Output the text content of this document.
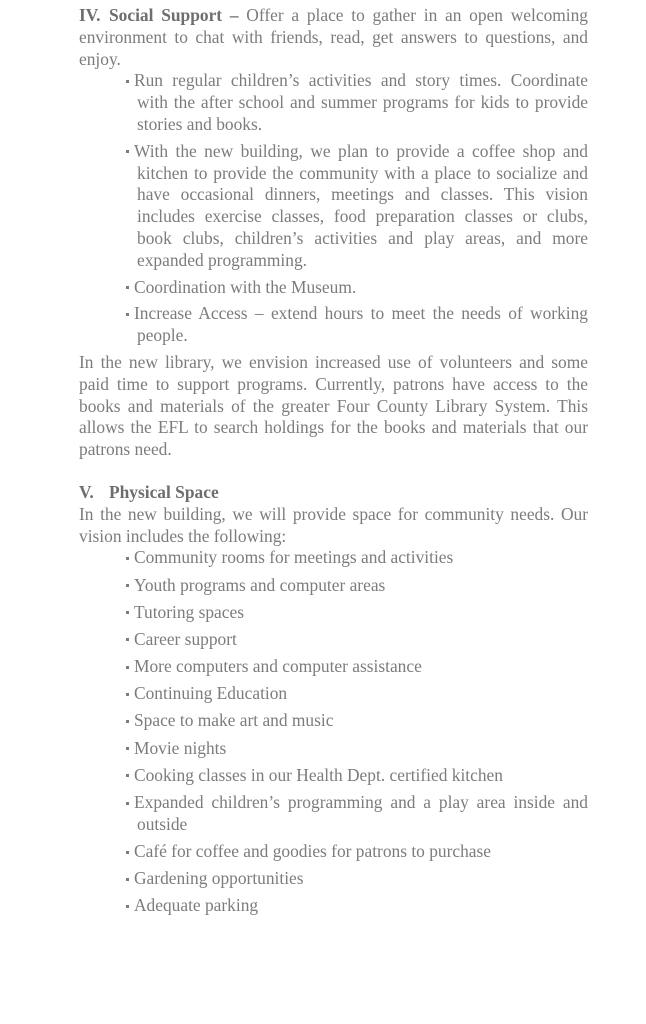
IV. Social Support – Offer a place to gather in an open welcoming environment to chat with friends, read, get answers to questions, and enjoy.

Run regular children’s activities and story times. Coordinate with the after school and summer programs for kids to provide stories and books.
With the new building, we plan to provide a coffee shop and kitchen to provide the community with a place to socialize and have occasional dinners, meetings and classes. This vision includes exercise classes, food preparation classes or clubs, book clubs, children’s activities and play areas, and more expanded programming.
Coordination with the Museum.
Increase Access – extend hours to meet the needs of working people.

In the new library, we envision increased use of volunteers and some paid time to support programs. Currently, patrons have access to the books and materials of the greater Four County Library System. This allows the EFL to search holdings for the books and materials that our patrons need.

V. Physical Space

In the new building, we will provide space for community needs. Our vision includes the following:

Community rooms for meetings and activities
Youth programs and computer areas
Tutoring spaces
Career support
More computers and computer assistance
Continuing Education
Space to make art and music
Movie nights
Cooking classes in our Health Dept. certified kitchen
Expanded children’s programming and a play area inside and outside
Café for coffee and goodies for patrons to purchase
Gardening opportunities
Adequate parking
